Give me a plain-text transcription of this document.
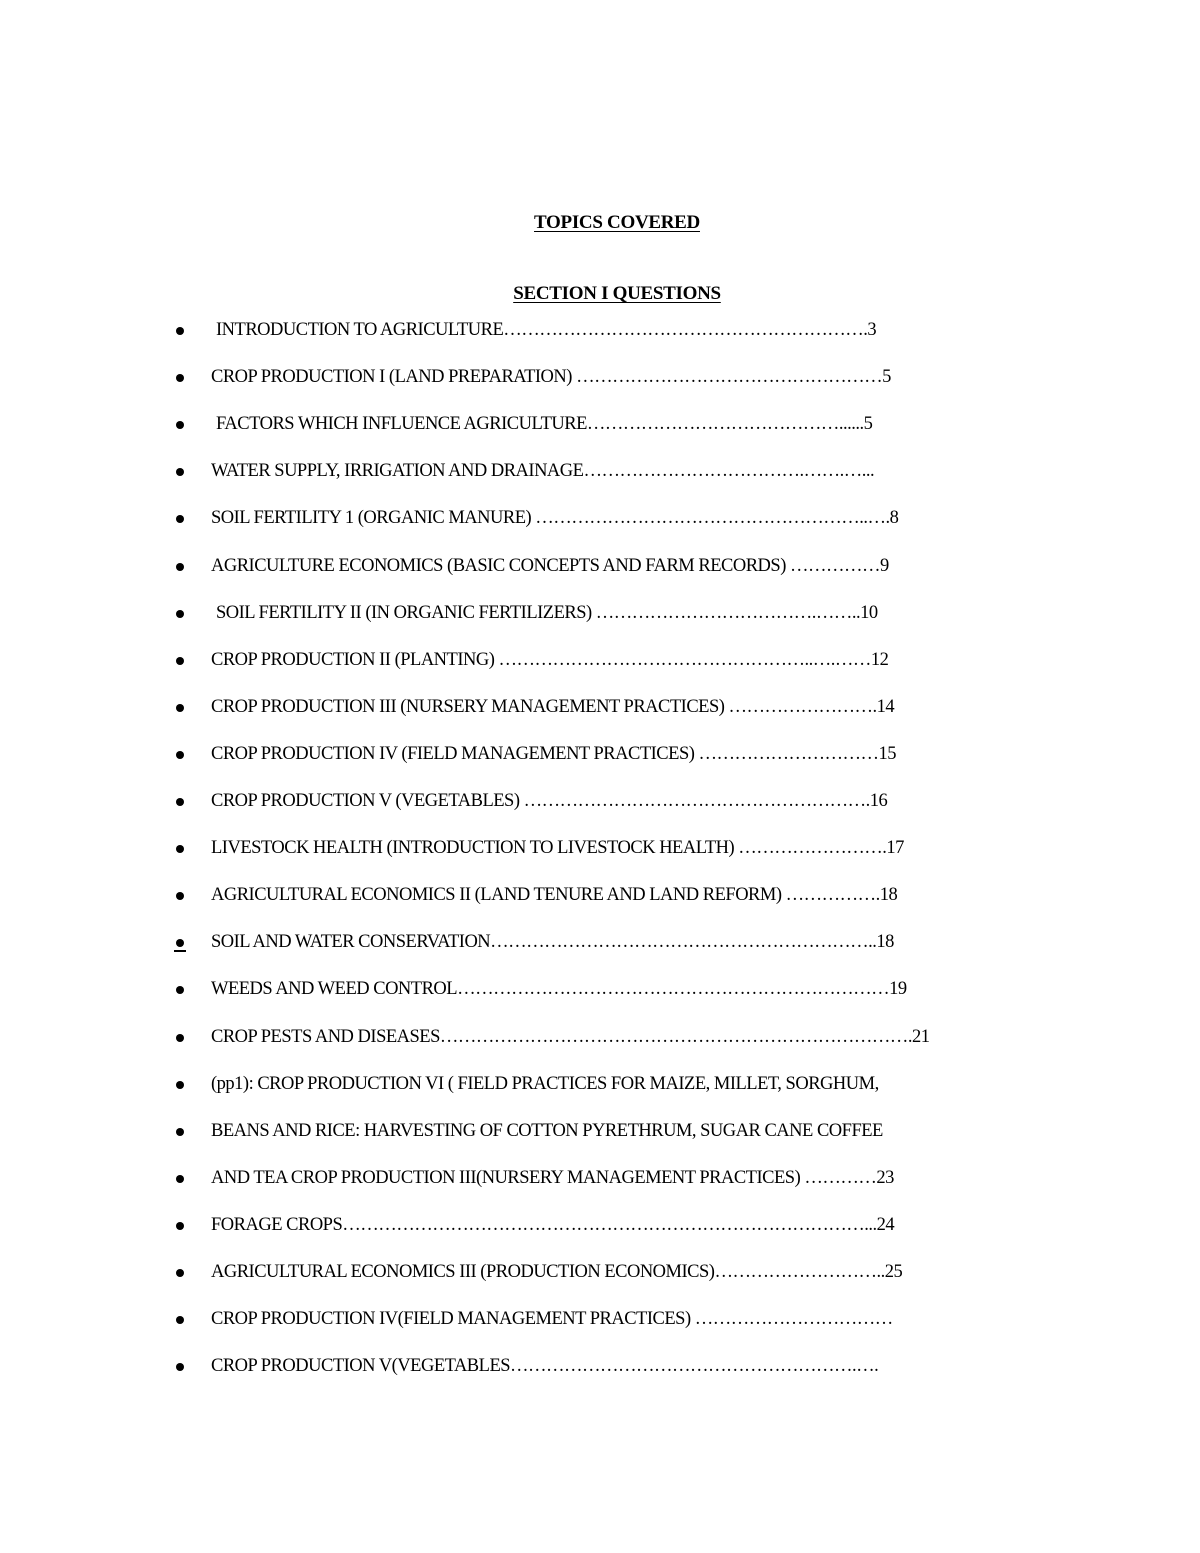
TOPICS COVERED
SECTION I QUESTIONS
INTRODUCTION TO AGRICULTURE…………………………………………………….3
CROP PRODUCTION I (LAND PREPARATION) ……………………………………………5
FACTORS WHICH INFLUENCE AGRICULTURE……………………………………......5
WATER SUPPLY, IRRIGATION AND DRAINAGE……………………………….…….…...
SOIL FERTILITY 1 (ORGANIC MANURE) ………………………………………………..….8
AGRICULTURE ECONOMICS (BASIC CONCEPTS AND FARM RECORDS) ……………9
SOIL FERTILITY II (IN ORGANIC FERTILIZERS) ……………………………….……..10
CROP PRODUCTION II (PLANTING) ……………………………………………..….……12
CROP PRODUCTION III (NURSERY MANAGEMENT PRACTICES) …………………….14
CROP PRODUCTION IV (FIELD MANAGEMENT PRACTICES) …………………………15
CROP PRODUCTION V (VEGETABLES) ………………………………………………….16
LIVESTOCK HEALTH (INTRODUCTION TO LIVESTOCK HEALTH) …………………….17
AGRICULTURAL ECONOMICS II (LAND TENURE AND LAND REFORM) …………….18
SOIL AND WATER CONSERVATION………………………………………………………..18
WEEDS AND WEED CONTROL………………………………………………………………19
CROP PESTS AND DISEASES…………………………………………………………………….21
(pp1): CROP PRODUCTION VI ( FIELD PRACTICES FOR MAIZE, MILLET, SORGHUM,
BEANS AND RICE: HARVESTING OF COTTON PYRETHRUM, SUGAR CANE COFFEE
AND TEA CROP PRODUCTION III(NURSERY MANAGEMENT PRACTICES) …………23
FORAGE CROPS……………………………………………………………………………...24
AGRICULTURAL ECONOMICS III (PRODUCTION ECONOMICS)………………………..25
CROP PRODUCTION IV(FIELD MANAGEMENT PRACTICES) ……………………………
CROP PRODUCTION V(VEGETABLES………………………………………………….….
